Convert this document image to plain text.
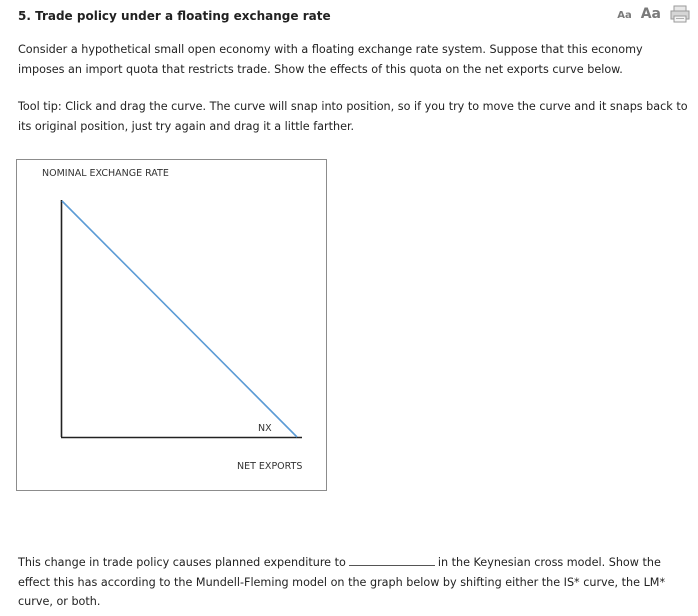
5. Trade policy under a floating exchange rate	Aa Aa
Consider a hypothetical small open economy with a floating exchange rate system. Suppose that this economy imposes an import quota that restricts trade. Show the effects of this quota on the net exports curve below.
Tool tip: Click and drag the curve. The curve will snap into position, so if you try to move the curve and it snaps back to its original position, just try again and drag it a little farther.
NOMINAL EXCHANGE RATE
NX
NET EXPORTS
This change in trade policy causes planned expenditure to	in the Keynesian cross model. Show the effect this has according to the Mundell-Fleming model on the graph below by shifting either the IS* curve, the LM* curve, or both.
